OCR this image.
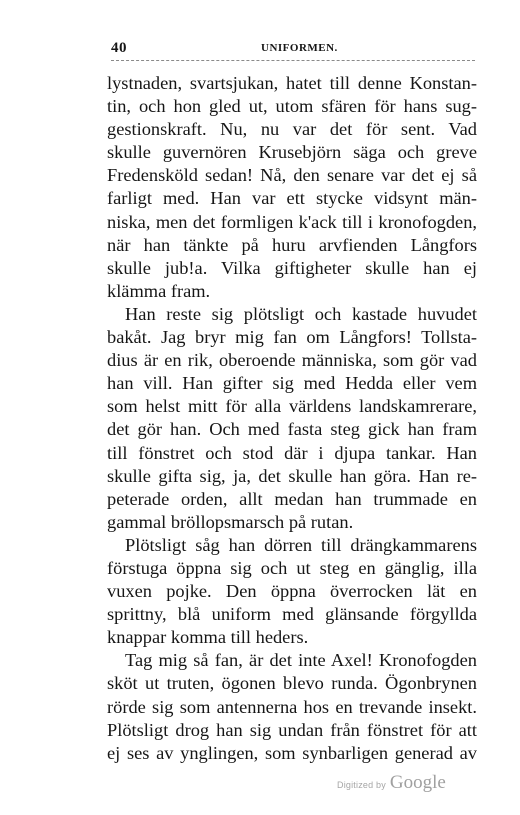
40	UNIFORMEN.
lystnaden, svartsjukan, hatet till denne Konstan-
tin, och hon gled ut, utom sfären för hans sug-
gestionskraft. Nu, nu var det för sent. Vad
skulle guvernören Krusebjörn säga och greve
Fredensköld sedan! Nå, den senare var det ej så
farligt med. Han var ett stycke vidsynt män-
niska, men det formligen k'ack till i kronofogden,
när han tänkte på huru arvfienden Långfors
skulle jub!a. Vilka giftigheter skulle han ej
klämma fram.
Han reste sig plötsligt och kastade huvudet
bakåt. Jag bryr mig fan om Långfors! Tollsta-
dius är en rik, oberoende människa, som gör vad
han vill. Han gifter sig med Hedda eller vem
som helst mitt för alla världens landskamrerare,
det gör han. Och med fasta steg gick han fram
till fönstret och stod där i djupa tankar. Han
skulle gifta sig, ja, det skulle han göra. Han re-
peterade orden, allt medan han trummade en
gammal bröllopsmarsch på rutan.
Plötsligt såg han dörren till drängkammarens
förstuga öppna sig och ut steg en gänglig, illa
vuxen pojke. Den öppna överrocken lät en
sprittny, blå uniform med glänsande förgyllda
knappar komma till heders.
Tag mig så fan, är det inte Axel! Kronofogden
sköt ut truten, ögonen blevo runda. Ögonbrynen
rörde sig som antennerna hos en trevande insekt.
Plötsligt drog han sig undan från fönstret för att
ej ses av ynglingen, som synbarligen generad av
Digitized by Google
